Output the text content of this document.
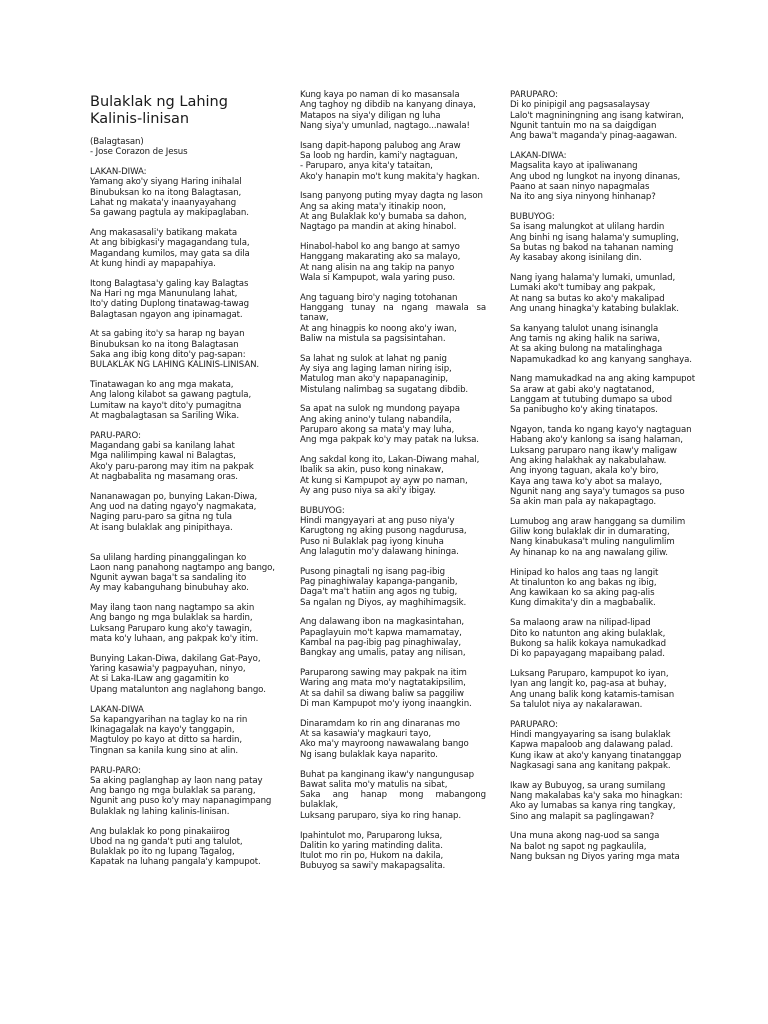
Bulaklak ng Lahing Kalinis-linisan
(Balagtasan)
- Jose Corazon de Jesus
LAKAN-DIWA:
Yamang ako'y siyang Haring inihalal
Binubuksan ko na itong Balagtasan,
Lahat ng makata'y inaanyayahang
Sa gawang pagtula ay makipaglaban.
Ang makasasali'y batikang makata
At ang bibigkasi'y magagandang tula,
Magandang kumilos, may gata sa dila
At kung hindi ay mapapahiya.
Itong Balagtasa'y galing kay Balagtas
Na Hari ng mga Manunulang lahat,
Ito'y dating Duplong tinatawag-tawag
Balagtasan ngayon ang ipinamagat.
At sa gabing ito'y sa harap ng bayan
Binubuksan ko na itong Balagtasan
Saka ang ibig kong dito'y pag-sapan:
BULAKLAK NG LAHING KALINIS-LINISAN.
Tinatawagan ko ang mga makata,
Ang lalong kilabot sa gawang pagtula,
Lumitaw na kayo't dito'y pumagitna
At magbalagtasan sa Sariling Wika.
PARU-PARO:
Magandang gabi sa kanilang lahat
Mga nalilimping kawal ni Balagtas,
Ako'y paru-parong may itim na pakpak
At nagbabalita ng masamang oras.
Nananawagan po, bunying Lakan-Diwa,
Ang uod na dating ngayo'y nagmakata,
Naging paru-paro sa gitna ng tula
At isang bulaklak ang pinipithaya.
Sa ulilang harding pinanggalingan ko
Laon nang panahong nagtampo ang bango,
Ngunit aywan baga't sa sandaling ito
Ay may kabanguhang binubuhay ako.
May ilang taon nang nagtampo sa akin
Ang bango ng mga bulaklak sa hardin,
Luksang Paruparo kung ako'y tawagin,
mata ko'y luhaan, ang pakpak ko'y itim.
Bunying Lakan-Diwa, dakilang Gat-Payo,
Yaring kasawia'y pagpayuhan, ninyo,
At si Laka-ILaw ang gagamitin ko
Upang matalunton ang naglahong bango.
LAKAN-DIWA
Sa kapangyarihan na taglay ko na rin
Ikinagagalak na kayo'y tanggapin,
Magtuloy po kayo at ditto sa hardin,
Tingnan sa kanila kung sino at alin.
PARU-PARO:
Sa aking paglanghap ay laon nang patay
Ang bango ng mga bulaklak sa parang,
Ngunit ang puso ko'y may napanagimpang
Bulaklak ng lahing kalinis-linisan.
Ang bulaklak ko pong pinakaiirog
Ubod na ng ganda't puti ang talulot,
Bulaklak po ito ng lupang Tagalog,
Kapatak na luhang pangala'y kampupot.
Kung kaya po naman di ko masansala
Ang taghoy ng dibdib na kanyang dinaya,
Matapos na siya'y diligan ng luha
Nang siya'y umunlad, nagtago...nawala!
Isang dapit-hapong palubog ang Araw
Sa loob ng hardin, kami'y nagtaguan,
- Paruparo, anya kita'y tataitan,
Ako'y hanapin mo't kung makita'y hagkan.
Isang panyong puting myay dagta ng lason
Ang sa aking mata'y itinakip noon,
At ang Bulaklak ko'y bumaba sa dahon,
Nagtago pa mandin at aking hinabol.
Hinabol-habol ko ang bango at samyo
Hanggang makarating ako sa malayo,
At nang alisin na ang takip na panyo
Wala si Kampupot, wala yaring puso.
Ang taguang biro'y naging totohanan
Hanggang tunay na ngang mawala sa tanaw,
At ang hinagpis ko noong ako'y iwan,
Baliw na mistula sa pagsisintahan.
Sa lahat ng sulok at lahat ng panig
Ay siya ang laging laman niring isip,
Matulog man ako'y napapanaginip,
Mistulang nalimbag sa sugatang dibdib.
Sa apat na sulok ng mundong payapa
Ang aking anino'y tulang nabandila,
Paruparo akong sa mata'y may luha,
Ang mga pakpak ko'y may patak na luksa.
Ang sakdal kong ito, Lakan-Diwang mahal,
Ibalik sa akin, puso kong ninakaw,
At kung si Kampupot ay ayw po naman,
Ay ang puso niya sa aki'y ibigay.
BUBUYOG:
Hindi mangyayari at ang puso niya'y
Karugtong ng aking pusong nagdurusa,
Puso ni Bulaklak pag iyong kinuha
Ang lalagutin mo'y dalawang hininga.
Pusong pinagtali ng isang pag-ibig
Pag pinaghiwalay kapanga-panganib,
Daga't ma't hatiin ang agos ng tubig,
Sa ngalan ng Diyos, ay maghihimagsik.
Ang dalawang ibon na magkasintahan,
Papaglayuin mo't kapwa mamamatay,
Kambal na pag-ibig pag pinaghiwalay,
Bangkay ang umalis, patay ang nilisan,
Paruparong sawing may pakpak na itim
Waring ang mata mo'y nagtatakipsilim,
At sa dahil sa diwang baliw sa paggiliw
Di man Kampupot mo'y iyong inaangkin.
Dinaramdam ko rin ang dinaranas mo
At sa kasawia'y magkauri tayo,
Ako ma'y mayroong nawawalang bango
Ng isang bulaklak kaya naparito.
Buhat pa kanginang ikaw'y nangungusap
Bawat salita mo'y matulis na sibat,
Saka ang hanap mong mabangong bulaklak,
Luksang paruparo, siya ko ring hanap.
Ipahintulot mo, Paruparong luksa,
Dalitin ko yaring matinding dalita.
Itulot mo rin po, Hukom na dakila,
Bubuyog sa sawi'y makapagsalita.
PARUPARO:
Di ko pinipigil ang pagsasalaysay
Lalo't magniningning ang isang katwiran,
Ngunit tantuin mo na sa daigdigan
Ang bawa't maganda'y pinag-aagawan.
LAKAN-DIWA:
Magsalita kayo at ipaliwanang
Ang ubod ng lungkot na inyong dinanas,
Paano at saan ninyo napagmalas
Na ito ang siya ninyong hinhanap?
BUBUYOG:
Sa isang malungkot at ulilang hardin
Ang binhi ng isang halama'y sumupling,
Sa butas ng bakod na tahanan naming
Ay kasabay akong isinilang din.
Nang iyang halama'y lumaki, umunlad,
Lumaki ako't tumibay ang pakpak,
At nang sa butas ko ako'y makalipad
Ang unang hinagka'y katabing bulaklak.
Sa kanyang talulot unang isinangla
Ang tamis ng aking halik na sariwa,
At sa aking bulong na matalinghaga
Napamukadkad ko ang kanyang sanghaya.
Nang mamukadkad na ang aking kampupot
Sa araw at gabi ako'y nagtatanod,
Langgam at tutubing dumapo sa ubod
Sa panibugho ko'y aking tinatapos.
Ngayon, tanda ko ngang kayo'y nagtaguan
Habang ako'y kanlong sa isang halaman,
Luksang paruparo nang ikaw'y maligaw
Ang aking halakhak ay nakabulahaw.
Ang inyong taguan, akala ko'y biro,
Kaya ang tawa ko'y abot sa malayo,
Ngunit nang ang saya'y tumagos sa puso
Sa akin man pala ay nakapagtago.
Lumubog ang araw hanggang sa dumilim
Giliw kong bulaklak dir in dumarating,
Nang kinabukasa't muling nangulimlim
Ay hinanap ko na ang nawalang giliw.
Hinipad ko halos ang taas ng langit
At tinalunton ko ang bakas ng ibig,
Ang kawikaan ko sa aking pag-alis
Kung dimakita'y din a magbabalik.
Sa malaong araw na nilipad-lipad
Dito ko natunton ang aking bulaklak,
Bukong sa halik kokaya namukadkad
Di ko papayagang mapaibang palad.
Luksang Paruparo, kampupot ko iyan,
Iyan ang langit ko, pag-asa at buhay,
Ang unang balik kong katamis-tamisan
Sa talulot niya ay nakalarawan.
PARUPARO:
Hindi mangyayaring sa isang bulaklak
Kapwa mapaloob ang dalawang palad.
Kung ikaw at ako'y kanyang tinatanggap
Nagkasagi sana ang kanitang pakpak.
Ikaw ay Bubuyog, sa urang sumilang
Nang makalabas ka'y saka mo hinagkan:
Ako ay lumabas sa kanya ring tangkay,
Sino ang malapit sa paglingawan?
Una muna akong nag-uod sa sanga
Na balot ng sapot ng pagkaulila,
Nang buksan ng Diyos yaring mga mata
